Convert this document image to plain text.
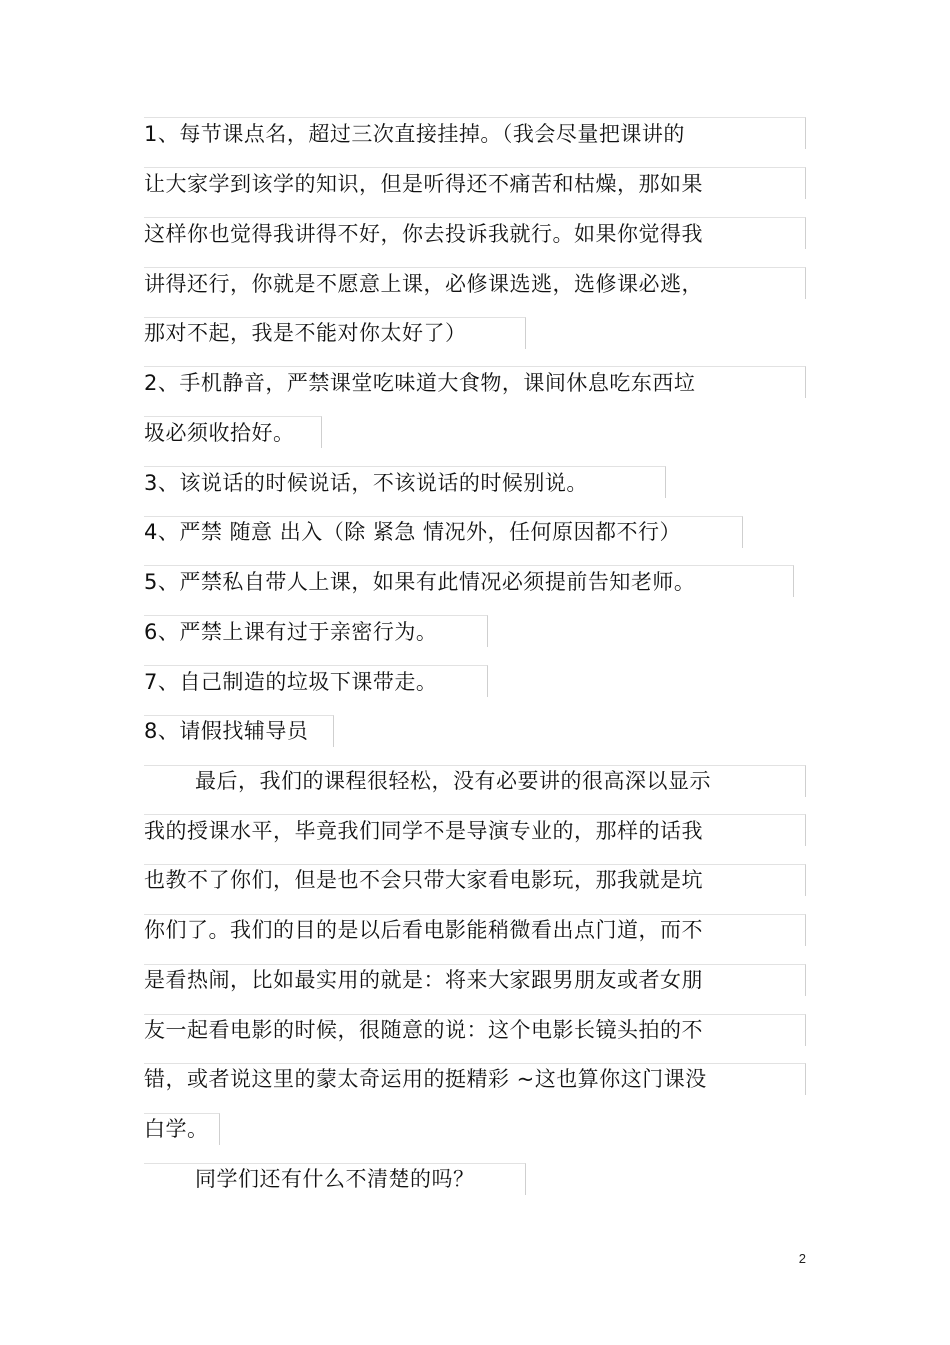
1、每节课点名，超过三次直接挂掉。（我会尽量把课讲的
让大家学到该学的知识，但是听得还不痛苦和枯燥，那如果
这样你也觉得我讲得不好，你去投诉我就行。如果你觉得我
讲得还行，你就是不愿意上课，必修课选逃，选修课必逃，
那对不起，我是不能对你太好了）
2、手机静音，严禁课堂吃味道大食物，课间休息吃东西垃
圾必须收拾好。
3、该说话的时候说话，不该说话的时候别说。
4、严禁 随意 出入（除 紧急 情况外，任何原因都不行）
5、严禁私自带人上课，如果有此情况必须提前告知老师。
6、严禁上课有过于亲密行为。
7、自己制造的垃圾下课带走。
8、请假找辅导员
最后，我们的课程很轻松，没有必要讲的很高深以显示
我的授课水平，毕竟我们同学不是导演专业的，那样的话我
也教不了你们，但是也不会只带大家看电影玩，那我就是坑
你们了。我们的目的是以后看电影能稍微看出点门道，而不
是看热闹，比如最实用的就是：将来大家跟男朋友或者女朋
友一起看电影的时候，很随意的说：这个电影长镜头拍的不
错，或者说这里的蒙太奇运用的挺精彩 ~这也算你这门课没
白学。
同学们还有什么不清楚的吗？
2
